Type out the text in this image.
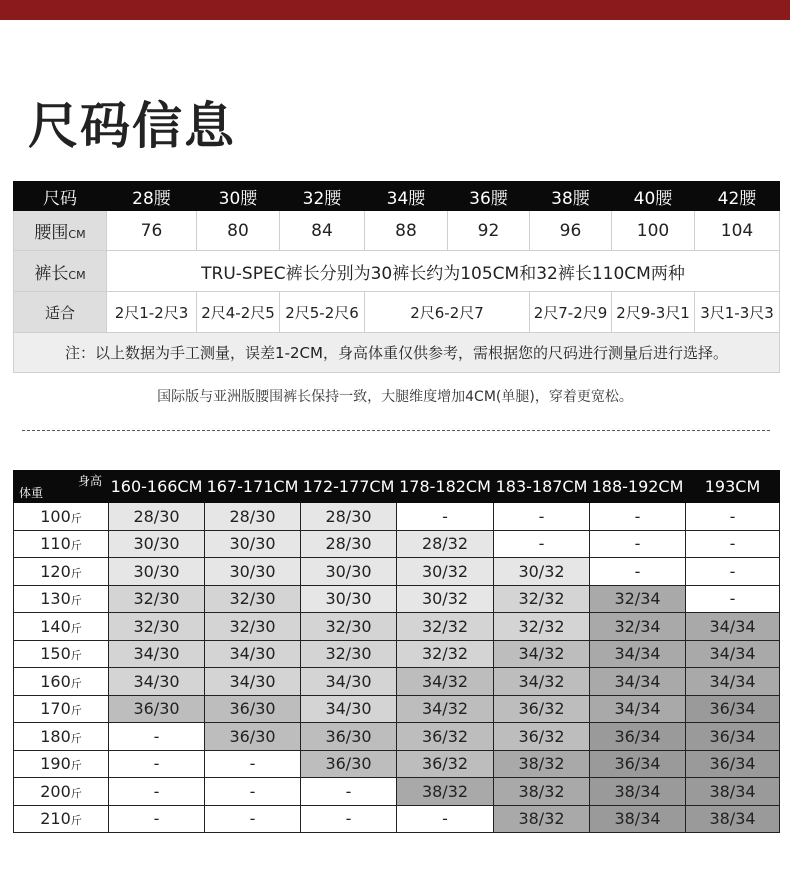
尺码信息
尺码	28腰	30腰	32腰	34腰	36腰	38腰	40腰	42腰
腰围CM	76	80	84	88	92	96	100	104
裤长CM	TRU-SPEC裤长分别为30裤长约为105CM和32裤长110CM两种							
适合	2尺1-2尺3	2尺4-2尺5	2尺5-2尺6	2尺6-2尺7		2尺7-2尺9	2尺9-3尺1	3尺1-3尺3
注：以上数据为手工测量，误差1-2CM，身高体重仅供参考，需根据您的尺码进行测量后进行选择。								
国际版与亚洲版腰围裤长保持一致，大腿维度增加4CM(单腿)，穿着更宽松。
身高
体重	160-166CM	167-171CM	172-177CM	178-182CM	183-187CM	188-192CM	193CM
100斤	28/30	28/30	28/30	-	-	-	-
110斤	30/30	30/30	28/30	28/32	-	-	-
120斤	30/30	30/30	30/30	30/32	30/32	-	-
130斤	32/30	32/30	30/30	30/32	32/32	32/34	-
140斤	32/30	32/30	32/30	32/32	32/32	32/34	34/34
150斤	34/30	34/30	32/30	32/32	34/32	34/34	34/34
160斤	34/30	34/30	34/30	34/32	34/32	34/34	34/34
170斤	36/30	36/30	34/30	34/32	36/32	34/34	36/34
180斤	-	36/30	36/30	36/32	36/32	36/34	36/34
190斤	-	-	36/30	36/32	38/32	36/34	36/34
200斤	-	-	-	38/32	38/32	38/34	38/34
210斤	-	-	-	-	38/32	38/34	38/34
